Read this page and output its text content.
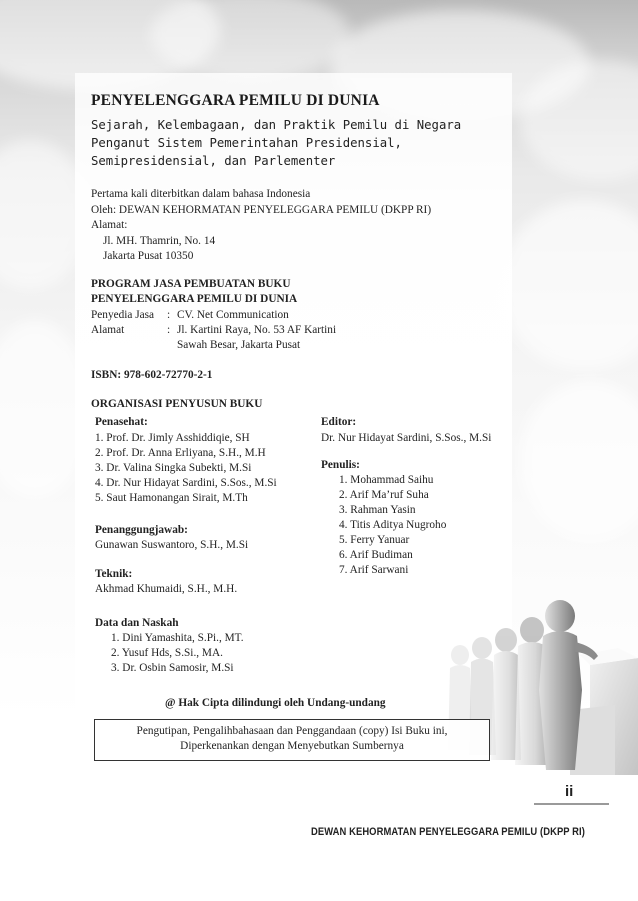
PENYELENGGARA PEMILU DI DUNIA
Sejarah, Kelembagaan, dan Praktik Pemilu di Negara
Penganut Sistem Pemerintahan Presidensial,
Semipresidensial, dan Parlementer
Pertama kali diterbitkan dalam bahasa Indonesia
Oleh: DEWAN KEHORMATAN PENYELEGGARA PEMILU (DKPP RI)
Alamat:
Jl. MH. Thamrin, No. 14
Jakarta Pusat 10350
PROGRAM JASA PEMBUATAN BUKU
PENYELENGGARA PEMILU DI DUNIA
Penyedia Jasa : CV. Net Communication
Alamat	: Jl. Kartini Raya, No. 53 AF Kartini
Sawah Besar, Jakarta Pusat
ISBN: 978-602-72770-2-1
ORGANISASI PENYUSUN BUKU
Penasehat:
1. Prof. Dr. Jimly Asshiddiqie, SH
2. Prof. Dr. Anna Erliyana, S.H., M.H
3. Dr. Valina Singka Subekti, M.Si
4. Dr. Nur Hidayat Sardini, S.Sos., M.Si
5. Saut Hamonangan Sirait, M.Th
Penanggungjawab:
Gunawan Suswantoro, S.H., M.Si
Teknik:
Akhmad Khumaidi, S.H., M.H.
Data dan Naskah
1. Dini Yamashita, S.Pi., MT.
2. Yusuf Hds, S.Si., MA.
3. Dr. Osbin Samosir, M.Si
Editor:
Dr. Nur Hidayat Sardini, S.Sos., M.Si
Penulis:
1. Mohammad Saihu
2. Arif Ma’ruf Suha
3. Rahman Yasin
4. Titis Aditya Nugroho
5. Ferry Yanuar
6. Arif Budiman
7. Arif Sarwani
@ Hak Cipta dilindungi oleh Undang-undang
Pengutipan, Pengalihbahasaan dan Penggandaan (copy) Isi Buku ini,
Diperkenankan dengan Menyebutkan Sumbernya
ii
DEWAN KEHORMATAN PENYELEGGARA PEMILU (DKPP RI)
